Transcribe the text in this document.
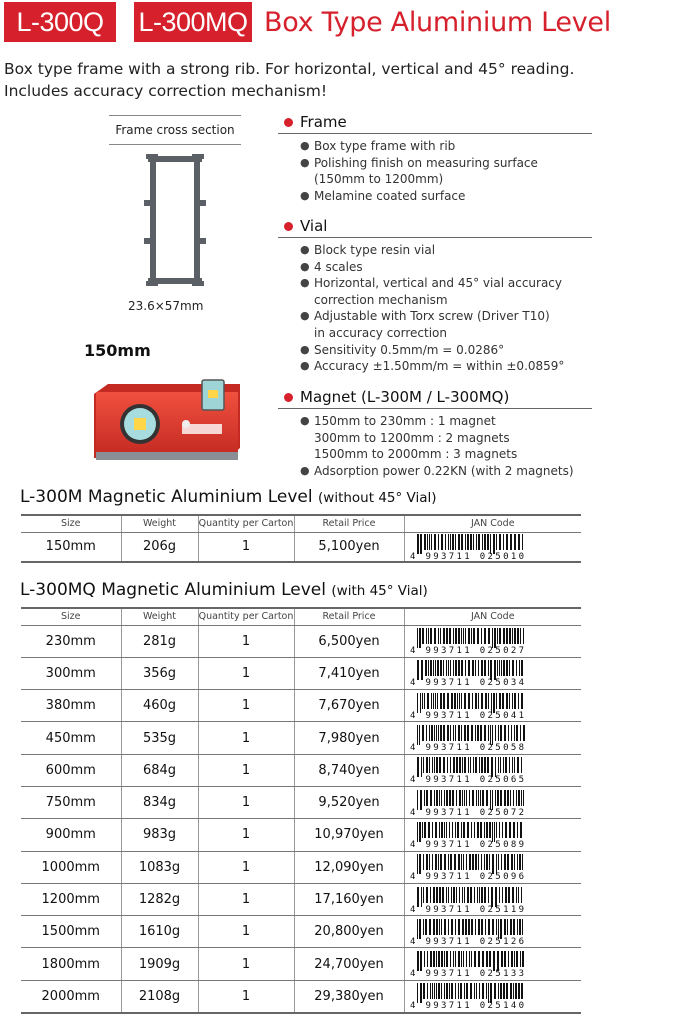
L-300Q	L-300MQ Box Type Aluminium Level
Box type frame with a strong rib. For horizontal, vertical and 45° reading.
Includes accuracy correction mechanism!
Frame cross section
23.6×57mm
150mm
Frame
● Box type frame with rib
● Polishing finish on measuring surface
(150mm to 1200mm)
● Melamine coated surface
Vial
● Block type resin vial
● 4 scales
● Horizontal, vertical and 45° vial accuracy
correction mechanism
● Adjustable with Torx screw (Driver T10)
in accuracy correction
● Sensitivity 0.5mm/m = 0.0286°
● Accuracy ±1.50mm/m = within ±0.0859°
Magnet (L-300M / L-300MQ)
● 150mm to 230mm : 1 magnet
300mm to 1200mm : 2 magnets
1500mm to 2000mm : 3 magnets
● Adsorption power 0.22KN (with 2 magnets)
L-300M Magnetic Aluminium Level (without 45° Vial)
Size	Weight	Quantity per Carton	Retail Price	JAN Code
150mm	206g	1	5,100yen	4 993711 025010
L-300MQ Magnetic Aluminium Level (with 45° Vial)
Size	Weight	Quantity per Carton	Retail Price	JAN Code
230mm	281g	1	6,500yen	4 993711 025027

300mm	356g	1	7,410yen	4 993711 025034

380mm	460g	1	7,670yen	4 993711 025041

450mm	535g	1	7,980yen	4 993711 025058

600mm	684g	1	8,740yen	4 993711 025065

750mm	834g	1	9,520yen	4 993711 025072

900mm	983g	1	10,970yen	4 993711 025089

1000mm	1083g	1	12,090yen	4 993711 025096

1200mm	1282g	1	17,160yen	4 993711 025119

1500mm	1610g	1	20,800yen	4 993711 025126

1800mm	1909g	1	24,700yen	4 993711 025133

2000mm	2108g	1	29,380yen	4 993711 025140
